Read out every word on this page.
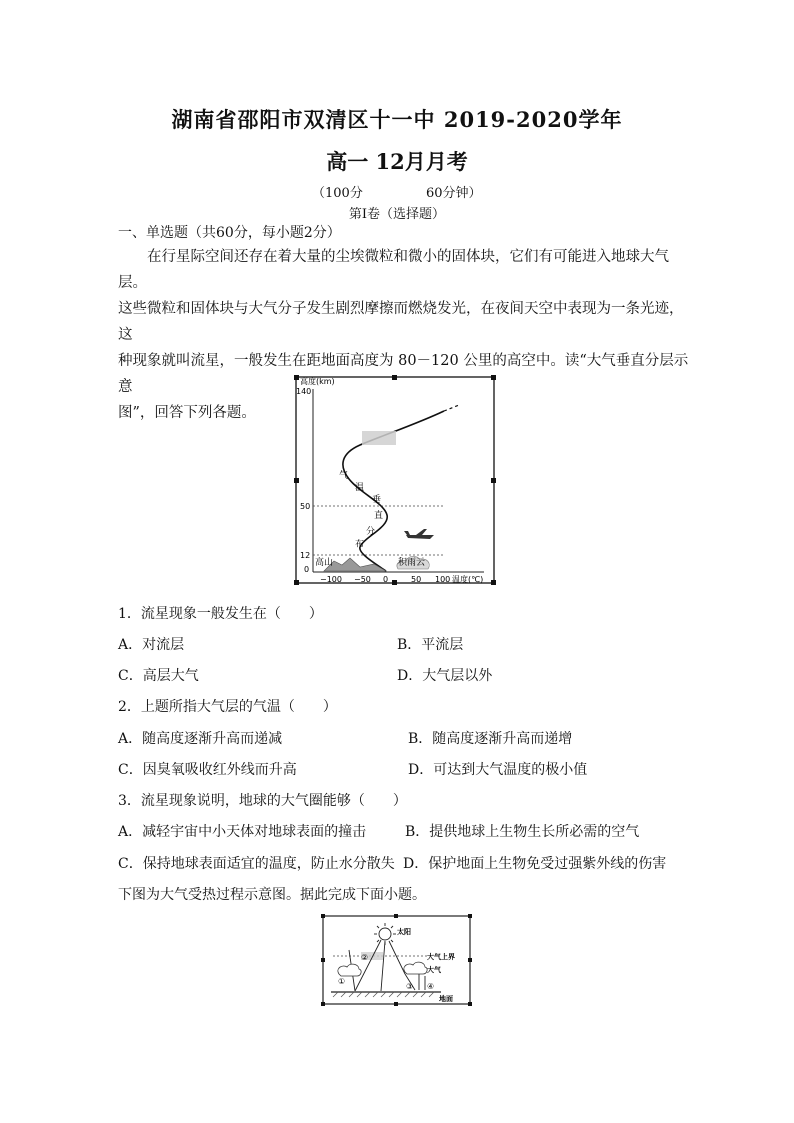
湖南省邵阳市双清区十一中 2019-2020学年
高一 12月月考
（100分	60分钟）
第Ⅰ卷（选择题）
一、单选题（共60分，每小题2分）

在行星际空间还存在着大量的尘埃微粒和微小的固体块，它们有可能进入地球大气层。

这些微粒和固体块与大气分子发生剧烈摩擦而燃烧发光，在夜间天空中表现为一条光迹，这

种现象就叫流星，一般发生在距地面高度为 80－120 公里的高空中。读“大气垂直分层示意

图”，回答下列各题。

高度(km)
140
50
12
0
−100 −50 0	50 100 温度(℃)
气
温
垂
直
分
布
高山	积雨云
1．流星现象一般发生在（　　）
A．对流层	B．平流层
C．高层大气	D．大气层以外
2．上题所指大气层的气温（　　）
A．随高度逐渐升高而递减	B．随高度逐渐升高而递增
C．因臭氧吸收红外线而升高	D．可达到大气温度的极小值
3．流星现象说明，地球的大气圈能够（　　）
A．减轻宇宙中小天体对地球表面的撞击	B．提供地球上生物生长所必需的空气
C．保持地球表面适宜的温度，防止水分散失 D．保护地面上生物免受过强紫外线的伤害
下图为大气受热过程示意图。据此完成下面小题。
太阳
大气上界
大气
①
②
③ ④
地面
